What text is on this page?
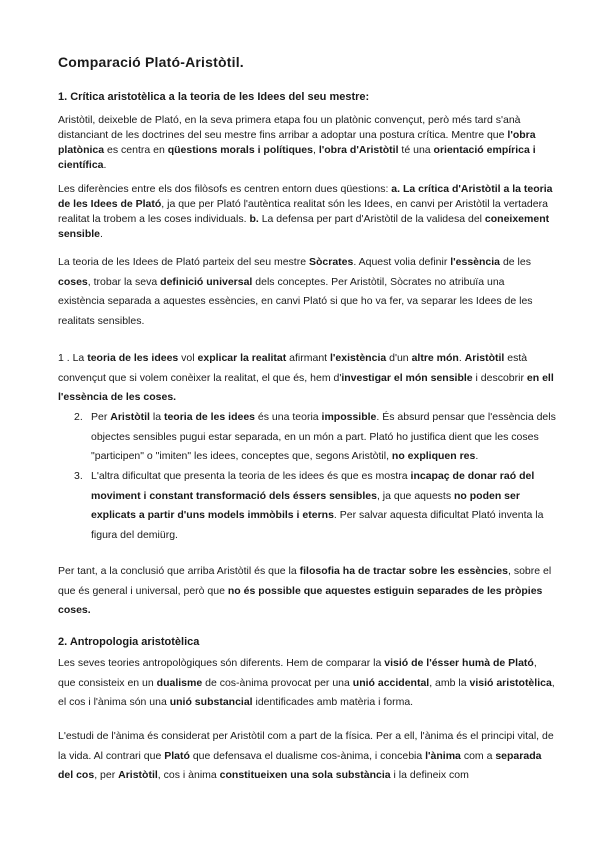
Comparació Plató-Aristòtil.
1. Crítica aristotèlica a la teoria de les Idees del seu mestre:

Aristòtil, deixeble de Plató, en la seva primera etapa fou un platònic convençut, però més tard s'anà distanciant de les doctrines del seu mestre fins arribar a adoptar una postura crítica. Mentre que l'obra platònica es centra en qüestions morals i polítiques, l'obra d'Aristòtil té una orientació empírica i científica.

Les diferències entre els dos filòsofs es centren entorn dues qüestions: a. La crítica d'Aristòtil a la teoria de les Idees de Plató, ja que per Plató l'autèntica realitat són les Idees, en canvi per Aristòtil la vertadera realitat la trobem a les coses individuals. b. La defensa per part d'Aristòtil de la validesa del coneixement sensible.

La teoria de les Idees de Plató parteix del seu mestre Sòcrates. Aquest volia definir l'essència de les coses, trobar la seva definició universal dels conceptes. Per Aristòtil, Sòcrates no atribuïa una existència separada a aquestes essències, en canvi Plató si que ho va fer, va separar les Idees de les realitats sensibles.

1 . La teoria de les idees vol explicar la realitat afirmant l'existència d'un altre món. Aristòtil està convençut que si volem conèixer la realitat, el que és, hem d'investigar el món sensible i descobrir en ell l'essència de les coses.
2. Per Aristòtil la teoria de les idees és una teoria impossible. És absurd pensar que l'essència dels objectes sensibles pugui estar separada, en un món a part. Plató ho justifica dient que les coses "participen" o "imiten" les idees, conceptes que, segons Aristòtil, no expliquen res.
3. L'altra dificultat que presenta la teoria de les idees és que es mostra incapaç de donar raó del moviment i constant transformació dels éssers sensibles, ja que aquests no poden ser explicats a partir d'uns models immòbils i eterns. Per salvar aquesta dificultat Plató inventa la figura del demiürg.

Per tant, a la conclusió que arriba Aristòtil és que la filosofia ha de tractar sobre les essències, sobre el que és general i universal, però que no és possible que aquestes estiguin separades de les pròpies coses.

2. Antropologia aristotèlica

Les seves teories antropològiques són diferents. Hem de comparar la visió de l'ésser humà de Plató, que consisteix en un dualisme de cos-ànima provocat per una unió accidental, amb la visió aristotèlica, el cos i l'ànima són una unió substancial identificades amb matèria i forma.

L'estudi de l'ànima és considerat per Aristòtil com a part de la física. Per a ell, l'ànima és el principi vital, de la vida. Al contrari que Plató que defensava el dualisme cos-ànima, i concebia l'ànima com a separada del cos, per Aristòtil, cos i ànima constitueixen una sola substància i la defineix com
